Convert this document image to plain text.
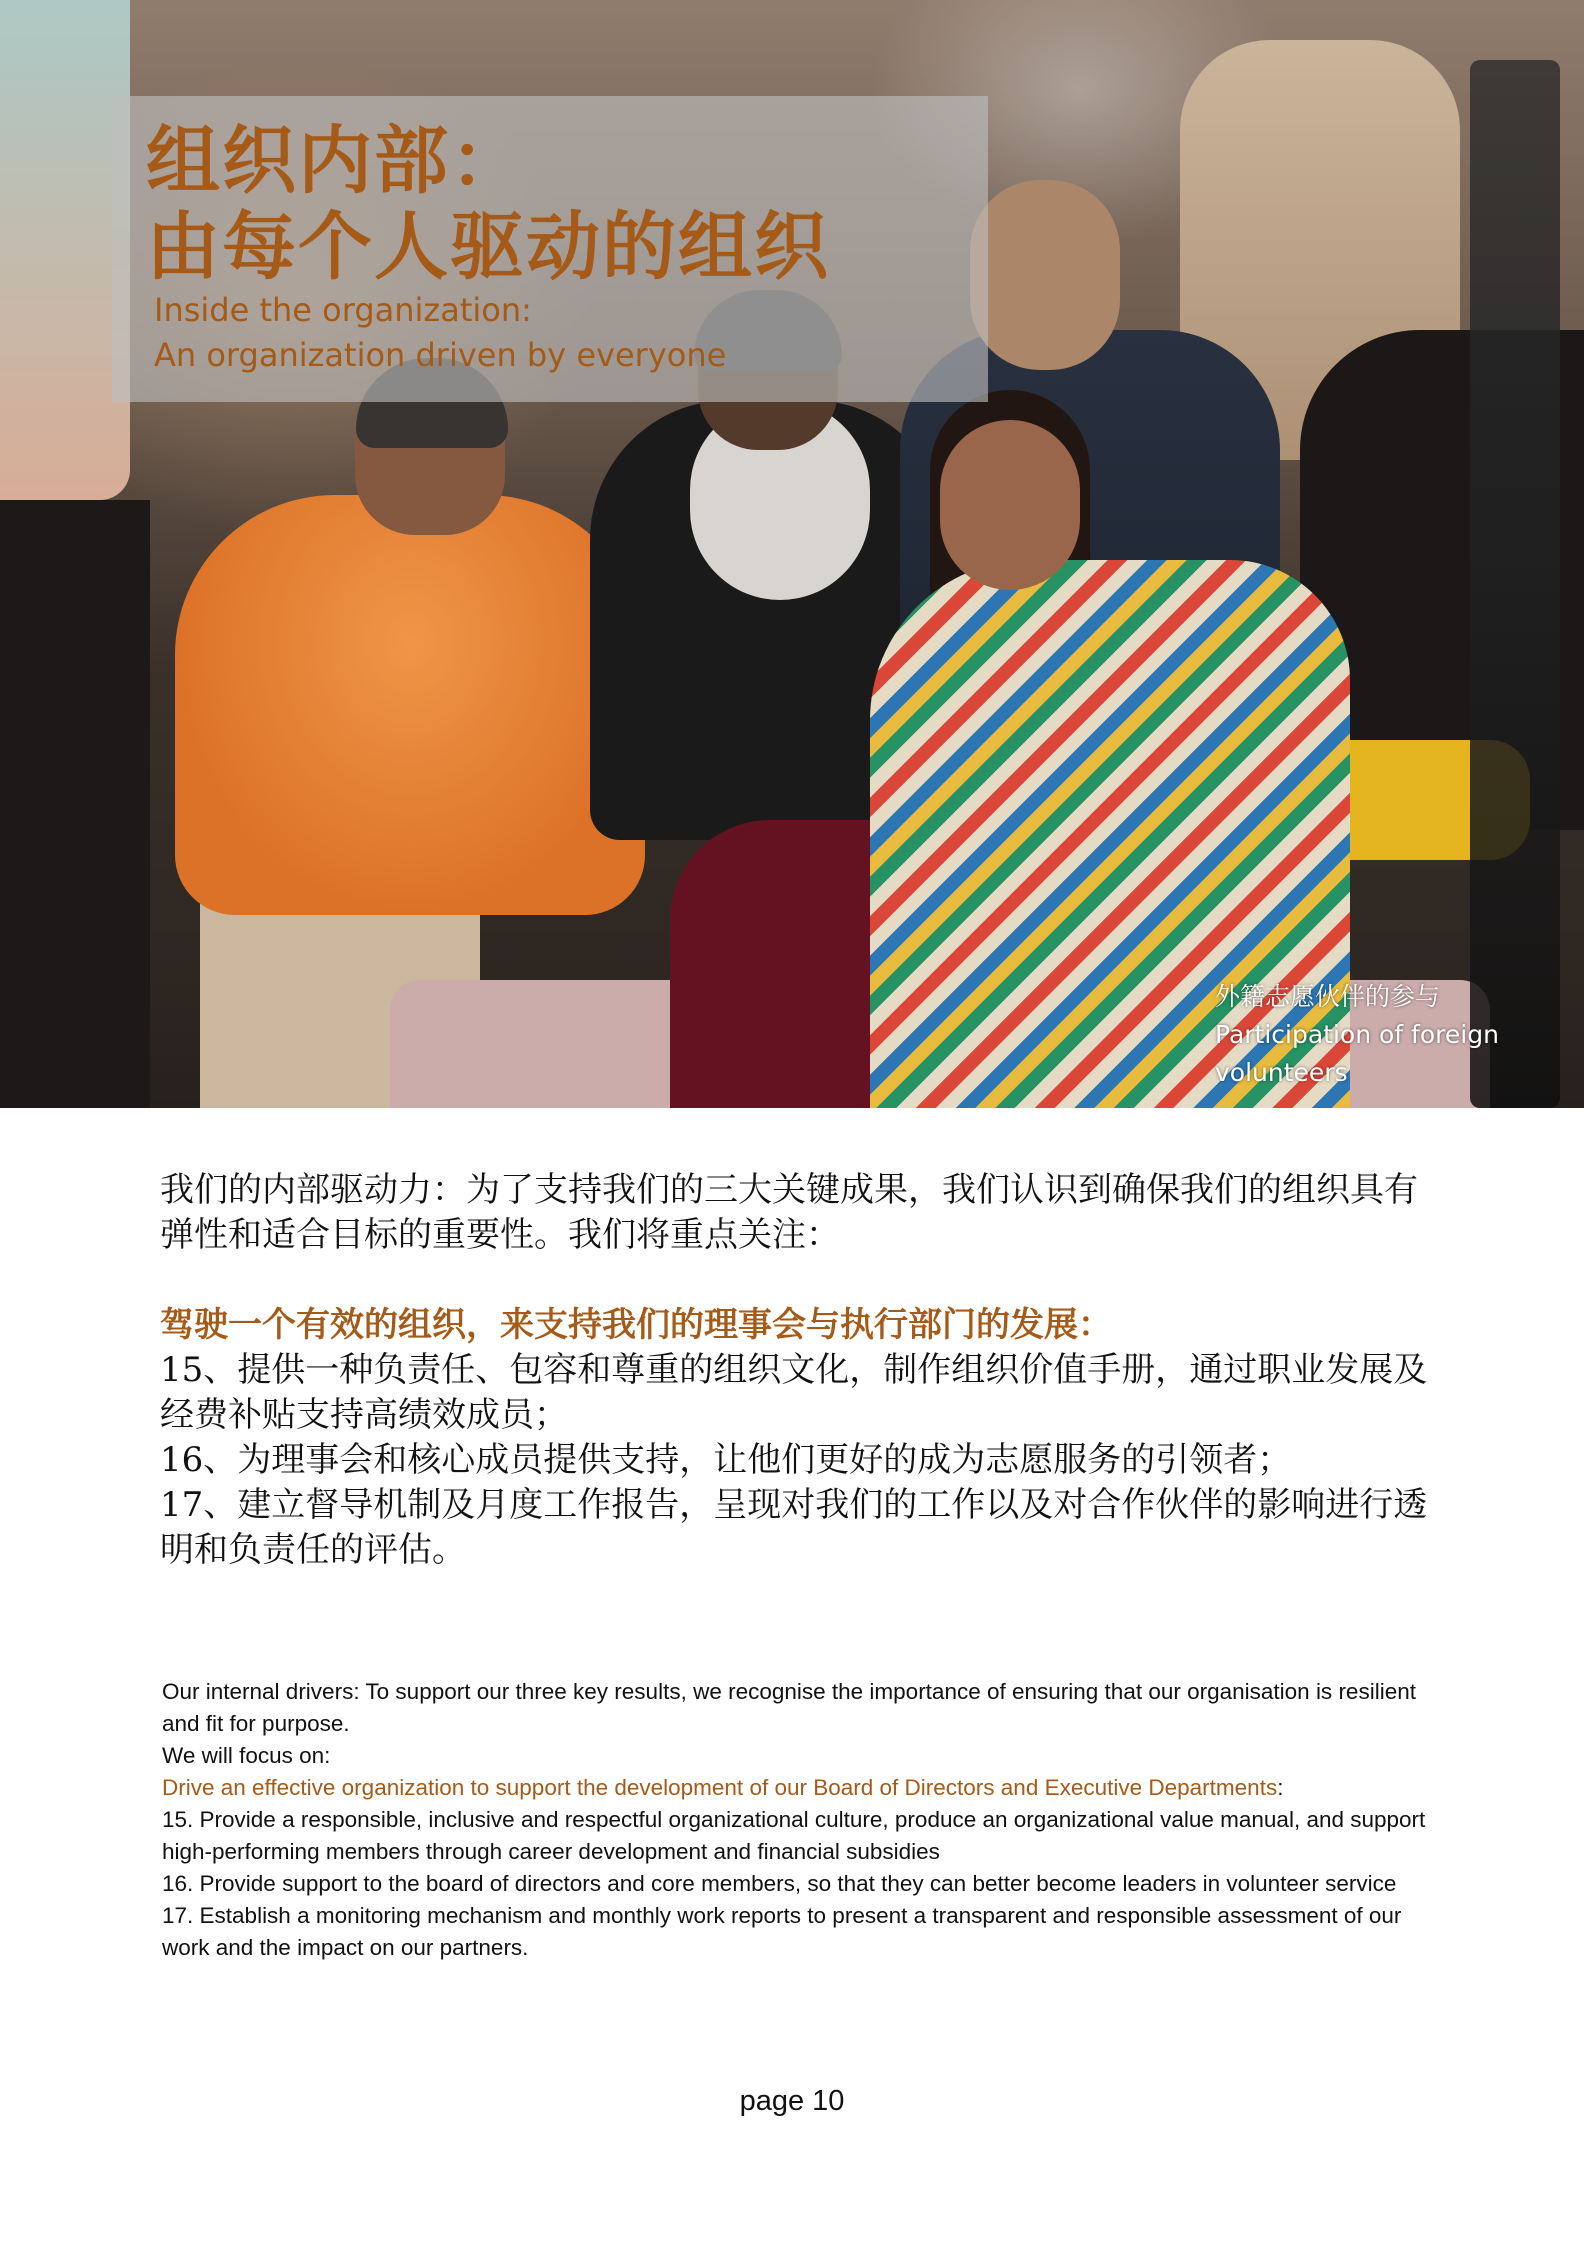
组织内部：
由每个人驱动的组织

Inside the organization:
An organization driven by everyone

外籍志愿伙伴的参与
Participation of foreign
volunteers

我们的内部驱动力：为了支持我们的三大关键成果，我们认识到确保我们的组织具有弹性和适合目标的重要性。我们将重点关注：

驾驶一个有效的组织，来支持我们的理事会与执行部门的发展：

15、提供一种负责任、包容和尊重的组织文化，制作组织价值手册，通过职业发展及经费补贴支持高绩效成员；

16、为理事会和核心成员提供支持，让他们更好的成为志愿服务的引领者；

17、建立督导机制及月度工作报告，呈现对我们的工作以及对合作伙伴的影响进行透明和负责任的评估。

Our internal drivers: To support our three key results, we recognise the importance of ensuring that our organisation is resilient and fit for purpose.

We will focus on:

Drive an effective organization to support the development of our Board of Directors and Executive Departments:

15. Provide a responsible, inclusive and respectful organizational culture, produce an organizational value manual, and support high-performing members through career development and financial subsidies

16. Provide support to the board of directors and core members, so that they can better become leaders in volunteer service

17. Establish a monitoring mechanism and monthly work reports to present a transparent and responsible assessment of our work and the impact on our partners.

page 10
